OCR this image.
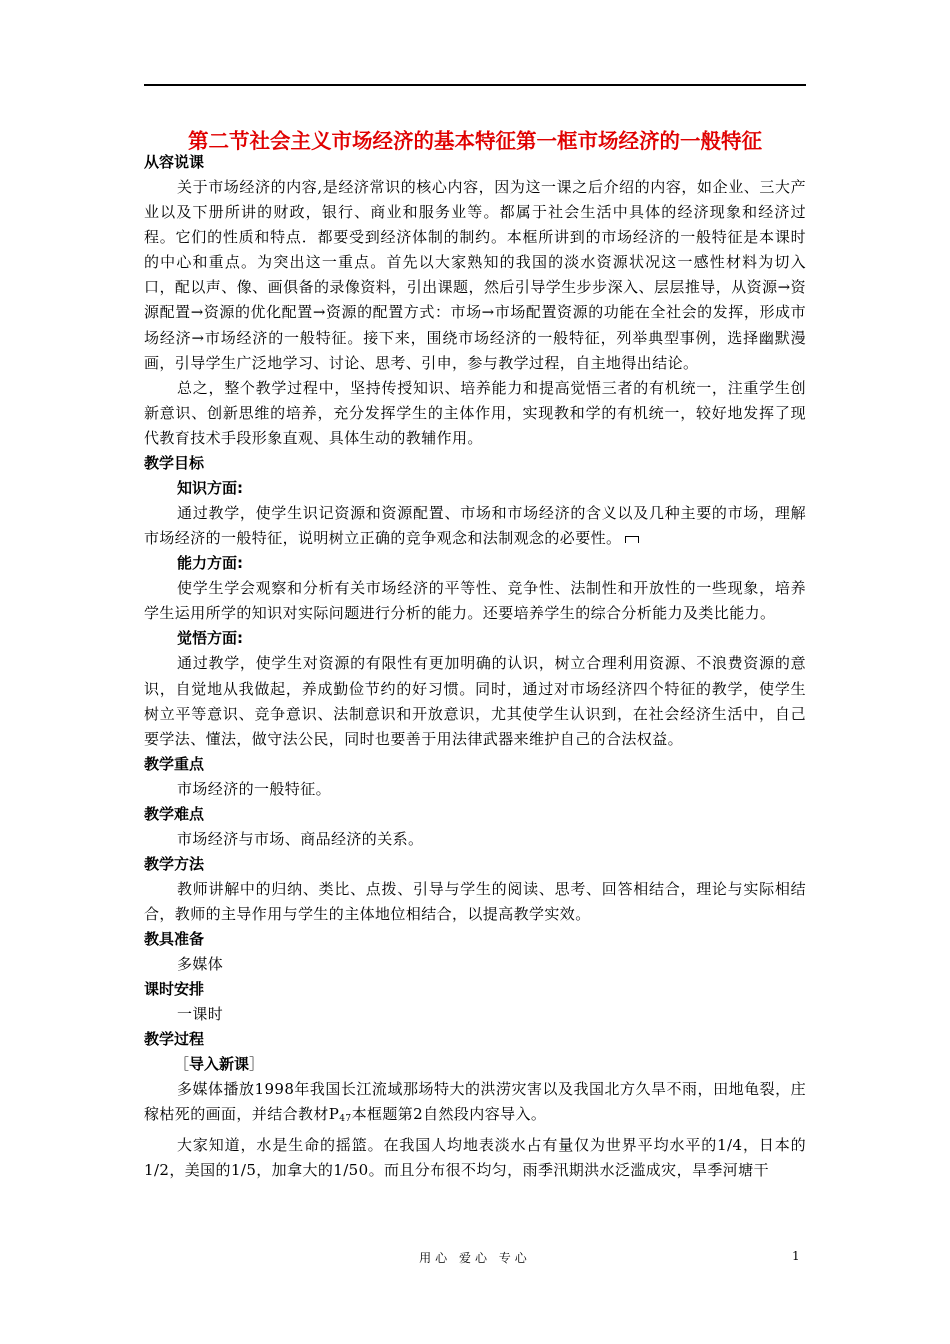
第二节社会主义市场经济的基本特征第一框市场经济的一般特征
从容说课
关于市场经济的内容,是经济常识的核心内容，因为这一课之后介绍的内容，如企业、三大产业以及下册所讲的财政，银行、商业和服务业等。都属于社会生活中具体的经济现象和经济过程。它们的性质和特点．都要受到经济体制的制约。本框所讲到的市场经济的一般特征是本课时的中心和重点。为突出这一重点。首先以大家熟知的我国的淡水资源状况这一感性材料为切入口，配以声、像、画俱备的录像资料，引出课题，然后引导学生步步深入、层层推导，从资源→资源配置→资源的优化配置→资源的配置方式：市场→市场配置资源的功能在全社会的发挥，形成市场经济→市场经济的一般特征。接下来，围绕市场经济的一般特征，列举典型事例，选择幽默漫画，引导学生广泛地学习、讨论、思考、引申，参与教学过程，自主地得出结论。
总之，整个教学过程中，坚持传授知识、培养能力和提高觉悟三者的有机统一，注重学生创新意识、创新思维的培养，充分发挥学生的主体作用，实现教和学的有机统一，较好地发挥了现代教育技术手段形象直观、具体生动的教辅作用。
教学目标
知识方面:
通过教学，使学生识记资源和资源配置、市场和市场经济的含义以及几种主要的市场，理解市场经济的一般特征，说明树立正确的竞争观念和法制观念的必要性。
能力方面:
使学生学会观察和分析有关市场经济的平等性、竞争性、法制性和开放性的一些现象，培养学生运用所学的知识对实际问题进行分析的能力。还要培养学生的综合分析能力及类比能力。
觉悟方面:
通过教学，使学生对资源的有限性有更加明确的认识，树立合理利用资源、不浪费资源的意识，自觉地从我做起，养成勤俭节约的好习惯。同时，通过对市场经济四个特征的教学，使学生树立平等意识、竞争意识、法制意识和开放意识，尤其使学生认识到，在社会经济生活中，自己要学法、懂法，做守法公民，同时也要善于用法律武器来维护自己的合法权益。
教学重点
市场经济的一般特征。
教学难点
市场经济与市场、商品经济的关系。
教学方法
教师讲解中的归纳、类比、点拨、引导与学生的阅读、思考、回答相结合，理论与实际相结合，教师的主导作用与学生的主体地位相结合，以提高教学实效。
教具准备
多媒体
课时安排
一课时
教学过程
［导入新课］
多媒体播放1998年我国长江流域那场特大的洪涝灾害以及我国北方久旱不雨，田地龟裂，庄稼枯死的画面，并结合教材$P_{47}$本框题第2自然段内容导入。
大家知道，水是生命的摇篮。在我国人均地表淡水占有量仅为世界平均水平的1/4，日本的1/2，美国的1/5，加拿大的1/50。而且分布很不均匀，雨季汛期洪水泛滥成灾，旱季河塘干
用心 爱心 专心	1
